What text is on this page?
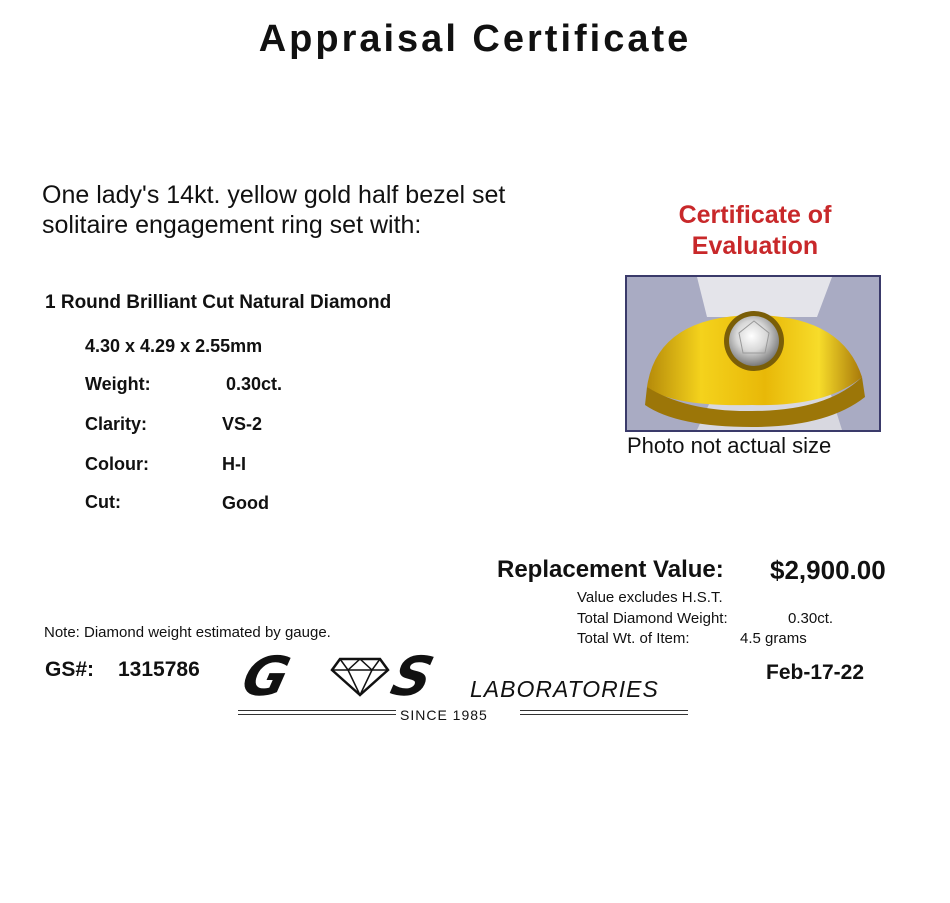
Appraisal Certificate
One lady's 14kt. yellow gold half bezel set
solitaire engagement ring set with:
1 Round Brilliant Cut Natural Diamond
4.30 x 4.29 x 2.55mm
Weight:	0.30ct.
Clarity:	VS-2
Colour:	H-I
Cut:	Good
Certificate of
Evaluation
Photo not actual size
Replacement Value: $2,900.00
Value excludes H.S.T.
Total Diamond Weight:	0.30ct.
Total Wt. of Item:	4.5 grams
Note: Diamond weight estimated by gauge.
GS#: 1315786	Feb-17-22
G S LABORATORIES
SINCE 1985
